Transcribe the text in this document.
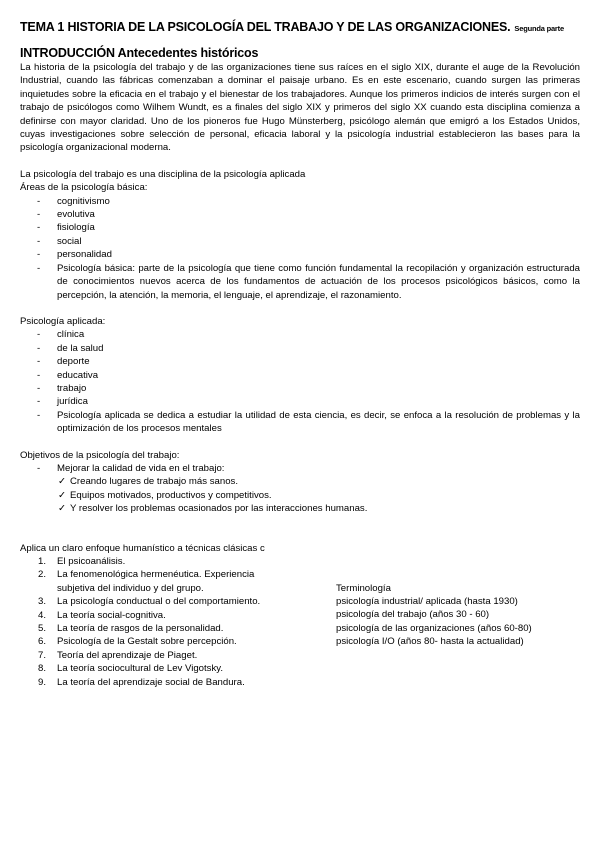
TEMA 1 HISTORIA DE LA PSICOLOGÍA DEL TRABAJO Y DE LAS ORGANIZACIONES. Segunda parte

INTRODUCCIÓN Antecedentes históricos

La historia de la psicología del trabajo y de las organizaciones tiene sus raíces en el siglo XIX, durante el auge de la Revolución Industrial, cuando las fábricas comenzaban a dominar el paisaje urbano. Es en este escenario, cuando surgen las primeras inquietudes sobre la eficacia en el trabajo y el bienestar de los trabajadores. Aunque los primeros indicios de interés surgen con el trabajo de psicólogos como Wilhem Wundt, es a finales del siglo XIX y primeros del siglo XX cuando esta disciplina comienza a definirse con mayor claridad. Uno de los pioneros fue Hugo Münsterberg, psicólogo alemán que emigró a los Estados Unidos, cuyas investigaciones sobre selección de personal, eficacia laboral y la psicología industrial establecieron las bases para la psicología organizacional moderna.

La psicología del trabajo es una disciplina de la psicología aplicada

Áreas de la psicología básica:

- cognitivismo
- evolutiva
- fisiología
- social
- personalidad
- Psicología básica: parte de la psicología que tiene como función fundamental la recopilación y organización estructurada de conocimientos nuevos acerca de los fundamentos de actuación de los procesos psicológicos básicos, como la percepción, la atención, la memoria, el lenguaje, el aprendizaje, el razonamiento.

Psicología aplicada:

- clínica
- de la salud
- deporte
- educativa
- trabajo
- jurídica
- Psicología aplicada se dedica a estudiar la utilidad de esta ciencia, es decir, se enfoca a la resolución de problemas y la optimización de los procesos mentales

Objetivos de la psicología del trabajo:

- Mejorar la calidad de vida en el trabajo:
✓ Creando lugares de trabajo más sanos.
✓ Equipos motivados, productivos y competitivos.
✓ Y resolver los problemas ocasionados por las interacciones humanas.

Aplica un claro enfoque humanístico a técnicas clásicas c

1. El psicoanálisis.
2. La fenomenológica hermenéutica. Experiencia subjetiva del individuo y del grupo.
3. La psicología conductual o del comportamiento.
4. La teoría social-cognitiva.
5. La teoría de rasgos de la personalidad.
6. Psicología de la Gestalt sobre percepción.
7. Teoría del aprendizaje de Piaget.
8. La teoría sociocultural de Lev Vigotsky.
9. La teoría del aprendizaje social de Bandura.
Terminología
psicología industrial/ aplicada (hasta 1930)
psicología del trabajo (años 30 - 60)
psicología de las organizaciones (años 60-80)
psicología I/O (años 80- hasta la actualidad)
